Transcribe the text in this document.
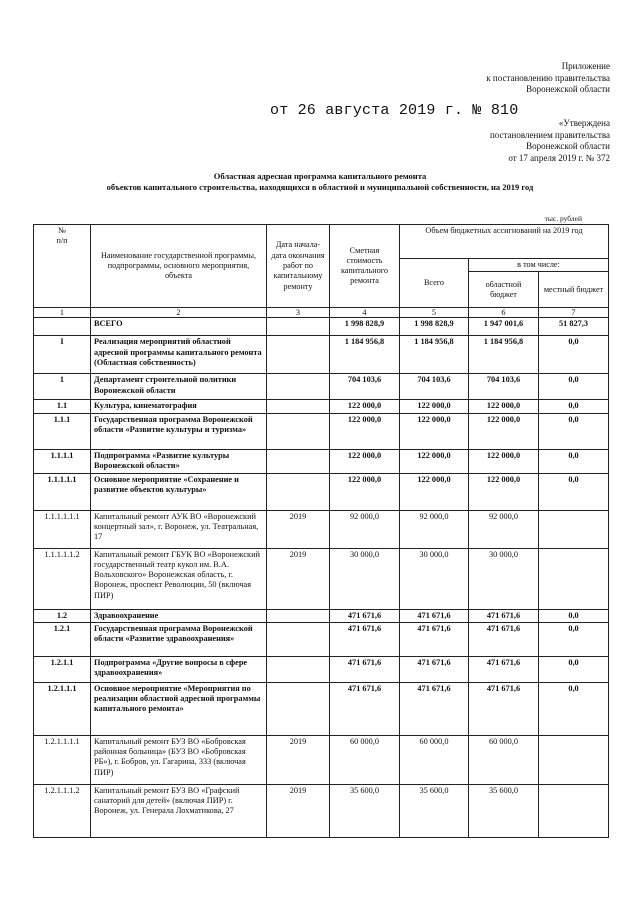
Приложение
к постановлению правительства
Воронежской области
от 26 августа 2019 г. № 810
«Утверждена
постановлением правительства
Воронежской области
от 17 апреля 2019 г. № 372
Областная адресная программа капитального ремонта
объектов капитального строительства, находящихся в областной и муниципальной собственности, на 2019 год
тыс. рублей
№
п/п	Наименование государственной программы, подпрограммы, основного мероприятия, объекта	Дата начала-дата окончания работ по капитальному ремонту	Сметная стоимость капитального ремонта	Объем бюджетных ассигнований на 2019 год		
				Всего	в том числе:	
					областной бюджет	местный бюджет
1	2	3	4	5	6	7
	ВСЕГО		1 998 828,9	1 998 828,9	1 947 001,6	51 827,3
I	Реализация мероприятий областной адресной программы капитального ремонта (Областная собственность)		1 184 956,8	1 184 956,8	1 184 956,8	0,0
1	Департамент строительной политики Воронежской области		704 103,6	704 103,6	704 103,6	0,0
1.1	Культура, кинематография		122 000,0	122 000,0	122 000,0	0,0
1.1.1	Государственная программа Воронежской области «Развитие культуры и туризма»		122 000,0	122 000,0	122 000,0	0,0
1.1.1.1	Подпрограмма «Развитие культуры Воронежской области»		122 000,0	122 000,0	122 000,0	0,0
1.1.1.1.1	Основное мероприятие «Сохранение и развитие объектов культуры»		122 000,0	122 000,0	122 000,0	0,0
1.1.1.1.1.1	Капитальный ремонт АУК ВО «Воронежский концертный зал», г. Воронеж, ул. Театральная, 17	2019	92 000,0	92 000,0	92 000,0	
1.1.1.1.1.2	Капитальный ремонт ГБУК ВО «Воронежский государственный театр кукол им. В.А. Вольховского» Воронежская область, г. Воронеж, проспект Революции, 50 (включая ПИР)	2019	30 000,0	30 000,0	30 000,0	
1.2	Здравоохранение		471 671,6	471 671,6	471 671,6	0,0
1.2.1	Государственная программа Воронежской области «Развитие здравоохранения»		471 671,6	471 671,6	471 671,6	0,0
1.2.1.1	Подпрограмма «Другие вопросы в сфере здравоохранения»		471 671,6	471 671,6	471 671,6	0,0
1.2.1.1.1	Основное мероприятие «Мероприятия по реализации областной адресной программы капитального ремонта»		471 671,6	471 671,6	471 671,6	0,0
1.2.1.1.1.1	Капитальный ремонт БУЗ ВО «Бобровская районная больница» (БУЗ ВО «Бобровская РБ»), г. Бобров, ул. Гагарина, 333 (включая ПИР)	2019	60 000,0	60 000,0	60 000,0	
1.2.1.1.1.2	Капитальный ремонт БУЗ ВО «Графский санаторий для детей» (включая ПИР) г. Воронеж, ул. Генерала Лохматикова, 27	2019	35 600,0	35 600,0	35 600,0	
